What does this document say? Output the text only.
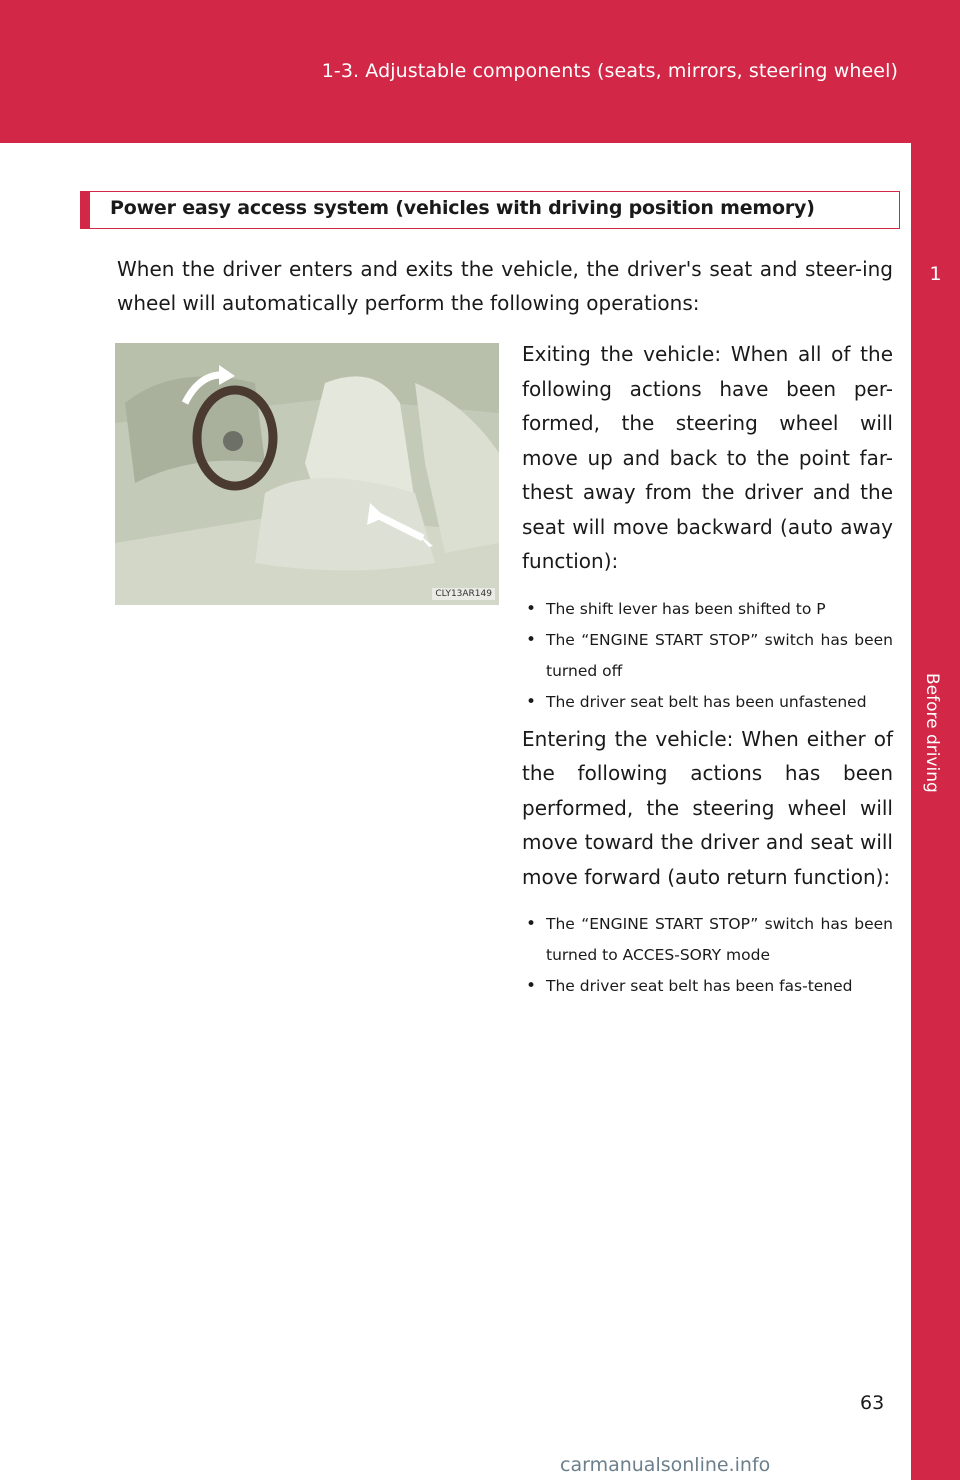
1-3. Adjustable components (seats, mirrors, steering wheel)
1
Before driving
Power easy access system (vehicles with driving position memory)
When the driver enters and exits the vehicle, the driver's seat and steer-ing wheel will automatically perform the following operations:
CLY13AR149
Exiting the vehicle: When all of the following actions have been per-formed, the steering wheel will move up and back to the point far-thest away from the driver and the seat will move backward (auto away function):
• The shift lever has been shifted to P
• The “ENGINE START STOP” switch has been turned off
• The driver seat belt has been unfastened
Entering the vehicle: When either of the following actions has been performed, the steering wheel will move toward the driver and seat will move forward (auto return function):
• The “ENGINE START STOP” switch has been turned to ACCES-SORY mode
• The driver seat belt has been fas-tened
63
carmanualsonline.info
